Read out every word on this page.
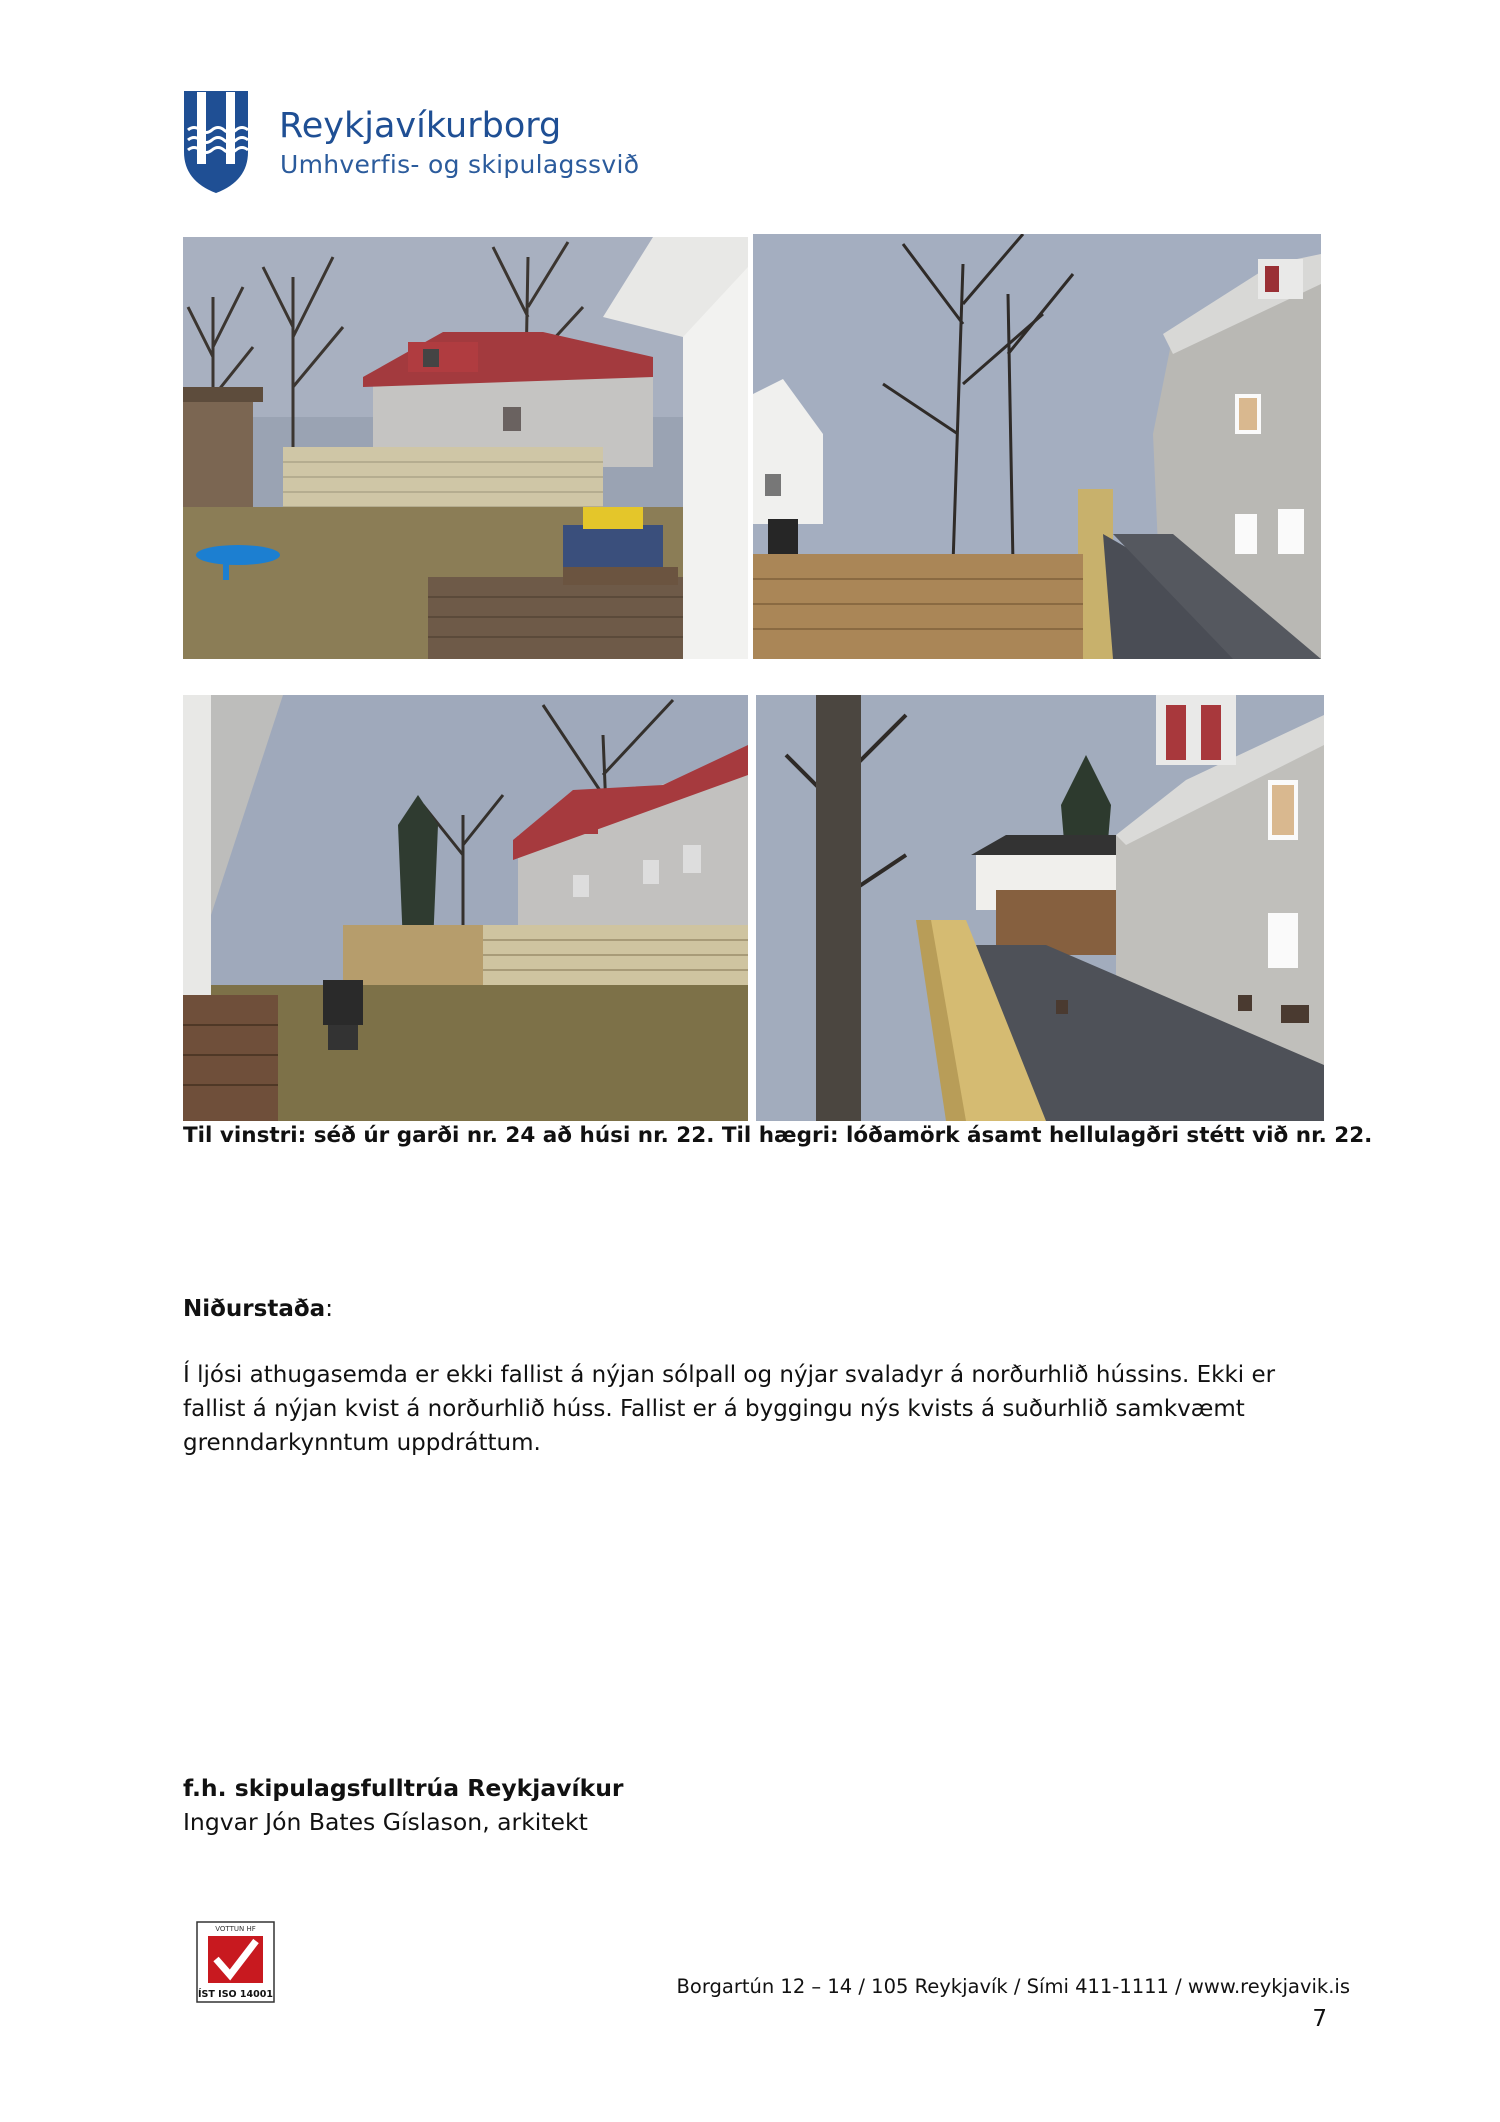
Reykjavíkurborg
Umhverfis- og skipulagssvið
Til vinstri: séð úr garði nr. 24 að húsi nr. 22. Til hægri: lóðamörk ásamt hellulagðri stétt við nr. 22.
Niðurstaða:
Í ljósi athugasemda er ekki fallist á nýjan sólpall og nýjar svaladyr á norðurhlið hússins. Ekki er fallist á nýjan kvist á norðurhlið húss. Fallist er á byggingu nýs kvists á suðurhlið samkvæmt grenndarkynntum uppdráttum.
f.h. skipulagsfulltrúa Reykjavíkur
Ingvar Jón Bates Gíslason, arkitekt
VOTTUN HF
ÍST ISO 14001	Borgartún 12 – 14 / 105 Reykjavík / Sími 411-1111 / www.reykjavik.is
7
